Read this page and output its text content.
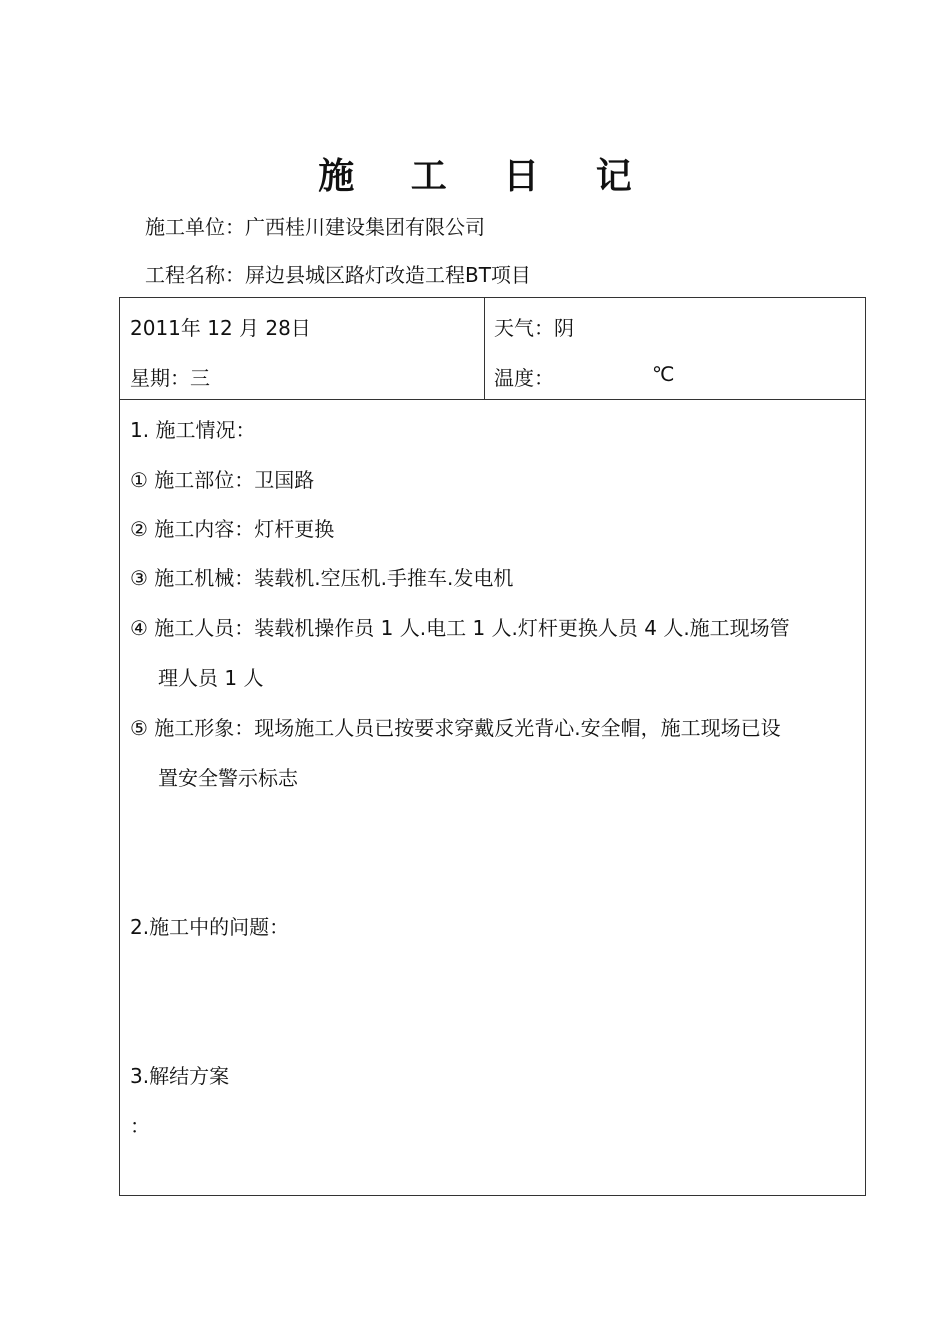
施 工 日 记
施工单位：广西桂川建设集团有限公司
工程名称：屏边县城区路灯改造工程BT项目
2011年 12 月 28日
星期：三
天气：阴
温度：	℃
1. 施工情况：
① 施工部位：卫国路
② 施工内容：灯杆更换
③ 施工机械：装载机.空压机.手推车.发电机
④ 施工人员：装载机操作员 1 人.电工 1 人.灯杆更换人员 4 人.施工现场管
理人员 1 人
⑤ 施工形象：现场施工人员已按要求穿戴反光背心.安全帽，施工现场已设
置安全警示标志
2.施工中的问题：
3.解结方案
：
